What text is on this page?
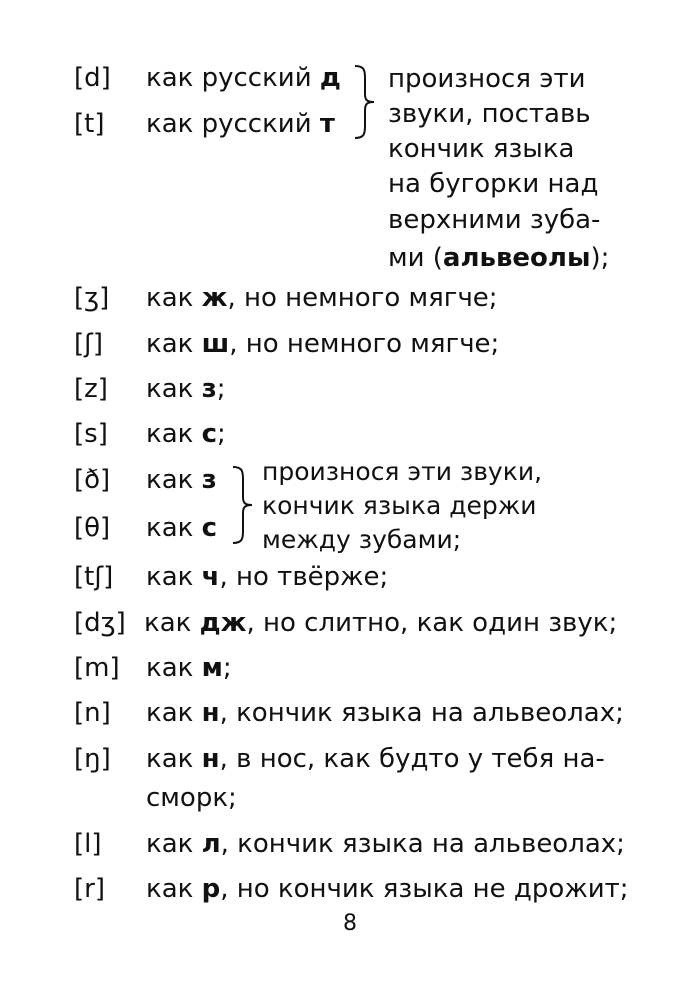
[d] как русский д
[t] как русский т
произнося эти
звуки, поставь
кончик языка
на бугорки над
верхними зуба-
ми (альвеолы);
[ʒ] как ж, но немного мягче;
[ʃ] как ш, но немного мягче;
[z] как з;
[s] как с;
[ð] как з
[θ] как с
произнося эти звуки,
кончик языка держи
между зубами;
[tʃ] как ч, но твёрже;
[dʒ] как дж, но слитно, как один звук;
[m] как м;
[n] как н, кончик языка на альвеолах;
[ŋ] как н, в нос, как будто у тебя на-
сморк;
[l] как л, кончик языка на альвеолах;
[r] как р, но кончик языка не дрожит;
8
